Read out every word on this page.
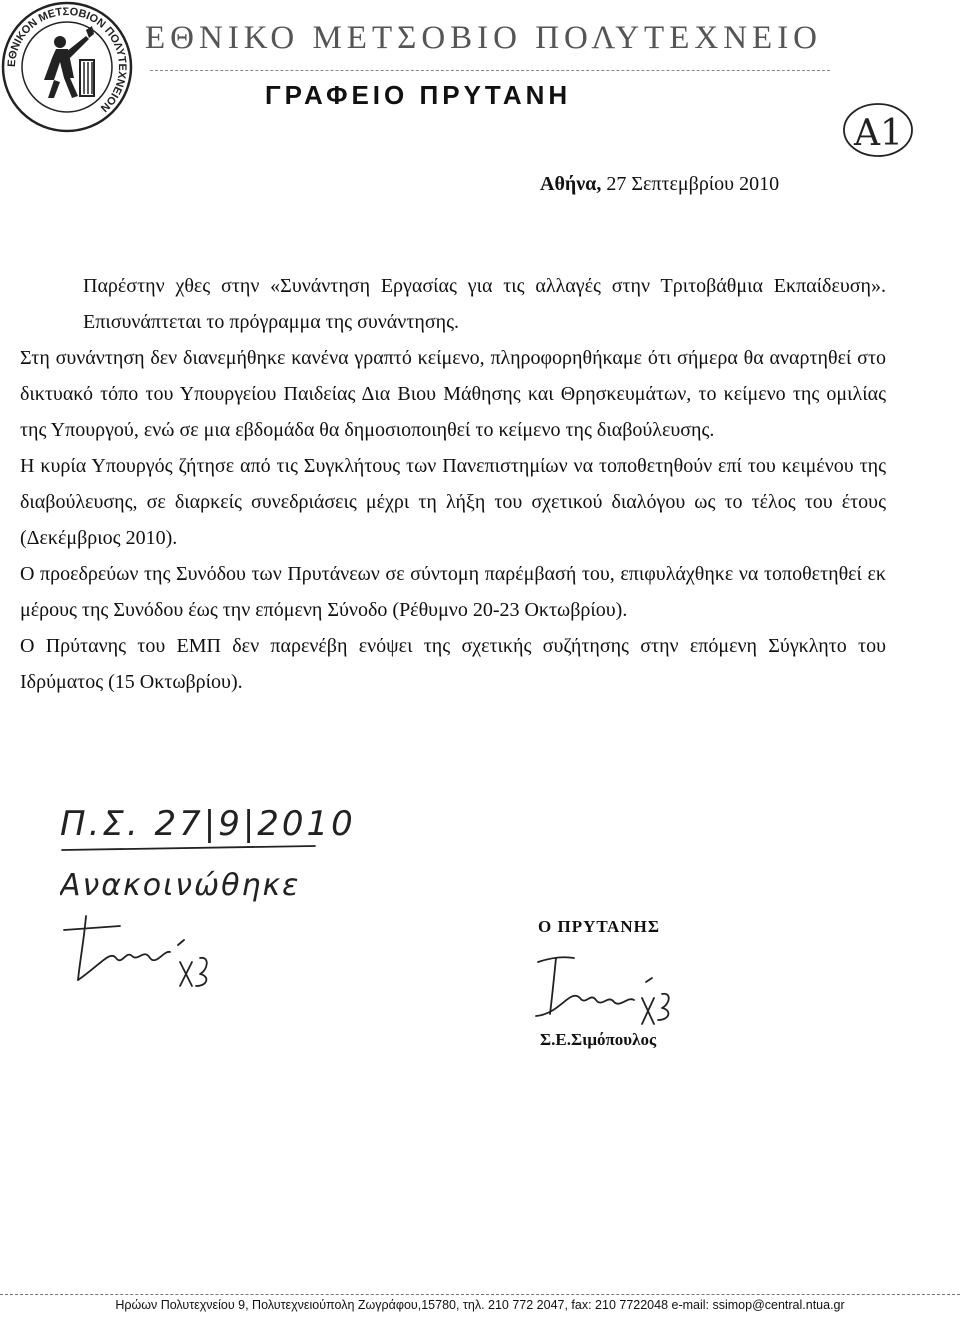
ΕΘΝΙΚΟΝ ΜΕΤΣΟΒΙΟΝ ΠΟΛΥΤΕΧΝΕΙΟΝ
ΕΘΝΙΚΟ ΜΕΤΣΟΒΙΟ ΠΟΛΥΤΕΧΝΕΙΟ
ΓΡΑΦΕΙΟ ΠΡΥΤΑΝΗ
Α1
Αθήνα, 27 Σεπτεμβρίου 2010

Παρέστην χθες στην «Συνάντηση Εργασίας για τις αλλαγές στην Τριτοβάθμια Εκπαίδευση». Επισυνάπτεται το πρόγραμμα της συνάντησης.

Στη συνάντηση δεν διανεμήθηκε κανένα γραπτό κείμενο, πληροφορηθήκαμε ότι σήμερα θα αναρτηθεί στο δικτυακό τόπο του Υπουργείου Παιδείας Δια Βιου Μάθησης και Θρησκευμάτων, το κείμενο της ομιλίας της Υπουργού, ενώ σε μια εβδομάδα θα δημοσιοποιηθεί το κείμενο της διαβούλευσης.

Η κυρία Υπουργός ζήτησε από τις Συγκλήτους των Πανεπιστημίων να τοποθετηθούν επί του κειμένου της διαβούλευσης, σε διαρκείς συνεδριάσεις μέχρι τη λήξη του σχετικού διαλόγου ως το τέλος του έτους (Δεκέμβριος 2010).

Ο προεδρεύων της Συνόδου των Πρυτάνεων σε σύντομη παρέμβασή του, επιφυλάχθηκε να τοποθετηθεί εκ μέρους της Συνόδου έως την επόμενη Σύνοδο (Ρέθυμνο 20-23 Οκτωβρίου).

Ο Πρύτανης του ΕΜΠ δεν παρενέβη ενόψει της σχετικής συζήτησης στην επόμενη Σύγκλητο του Ιδρύματος (15 Οκτωβρίου).

Π.Σ. 27|9|2010
Ανακοινώθηκε
Ο ΠΡΥΤΑΝΗΣ
Σ.Ε.Σιμόπουλος
Ηρώων Πολυτεχνείου 9, Πολυτεχνειούπολη Ζωγράφου,15780, τηλ. 210 772 2047, fax: 210 7722048 e-mail: ssimop@central.ntua.gr
